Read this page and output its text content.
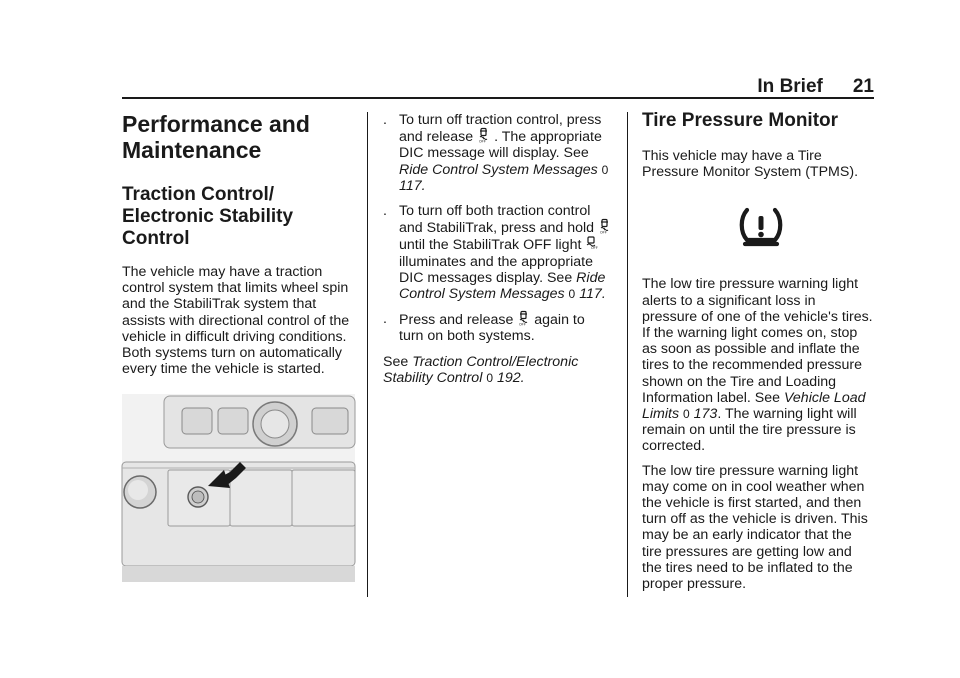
In Brief 21
Performance and Maintenance
Traction Control/ Electronic Stability Control

The vehicle may have a traction control system that limits wheel spin and the StabiliTrak system that assists with directional control of the vehicle in difficult driving conditions. Both systems turn on automatically every time the vehicle is started.

. To turn off traction control, press and release OFF . The appropriate DIC message will display. See Ride Control System Messages 0 117.
. To turn off both traction control and StabiliTrak, press and hold OFF
until the StabiliTrak OFF light	OFF
illuminates and the appropriate DIC messages display. See Ride Control System Messages 0 117.
. Press and release OFF again to turn on both systems.

See Traction Control/Electronic Stability Control 0 192.

Tire Pressure Monitor

This vehicle may have a Tire Pressure Monitor System (TPMS).

The low tire pressure warning light alerts to a significant loss in pressure of one of the vehicle's tires. If the warning light comes on, stop as soon as possible and inflate the tires to the recommended pressure shown on the Tire and Loading Information label. See Vehicle Load Limits 0 173. The warning light will remain on until the tire pressure is corrected.

The low tire pressure warning light may come on in cool weather when the vehicle is first started, and then turn off as the vehicle is driven. This may be an early indicator that the tire pressures are getting low and the tires need to be inflated to the proper pressure.
